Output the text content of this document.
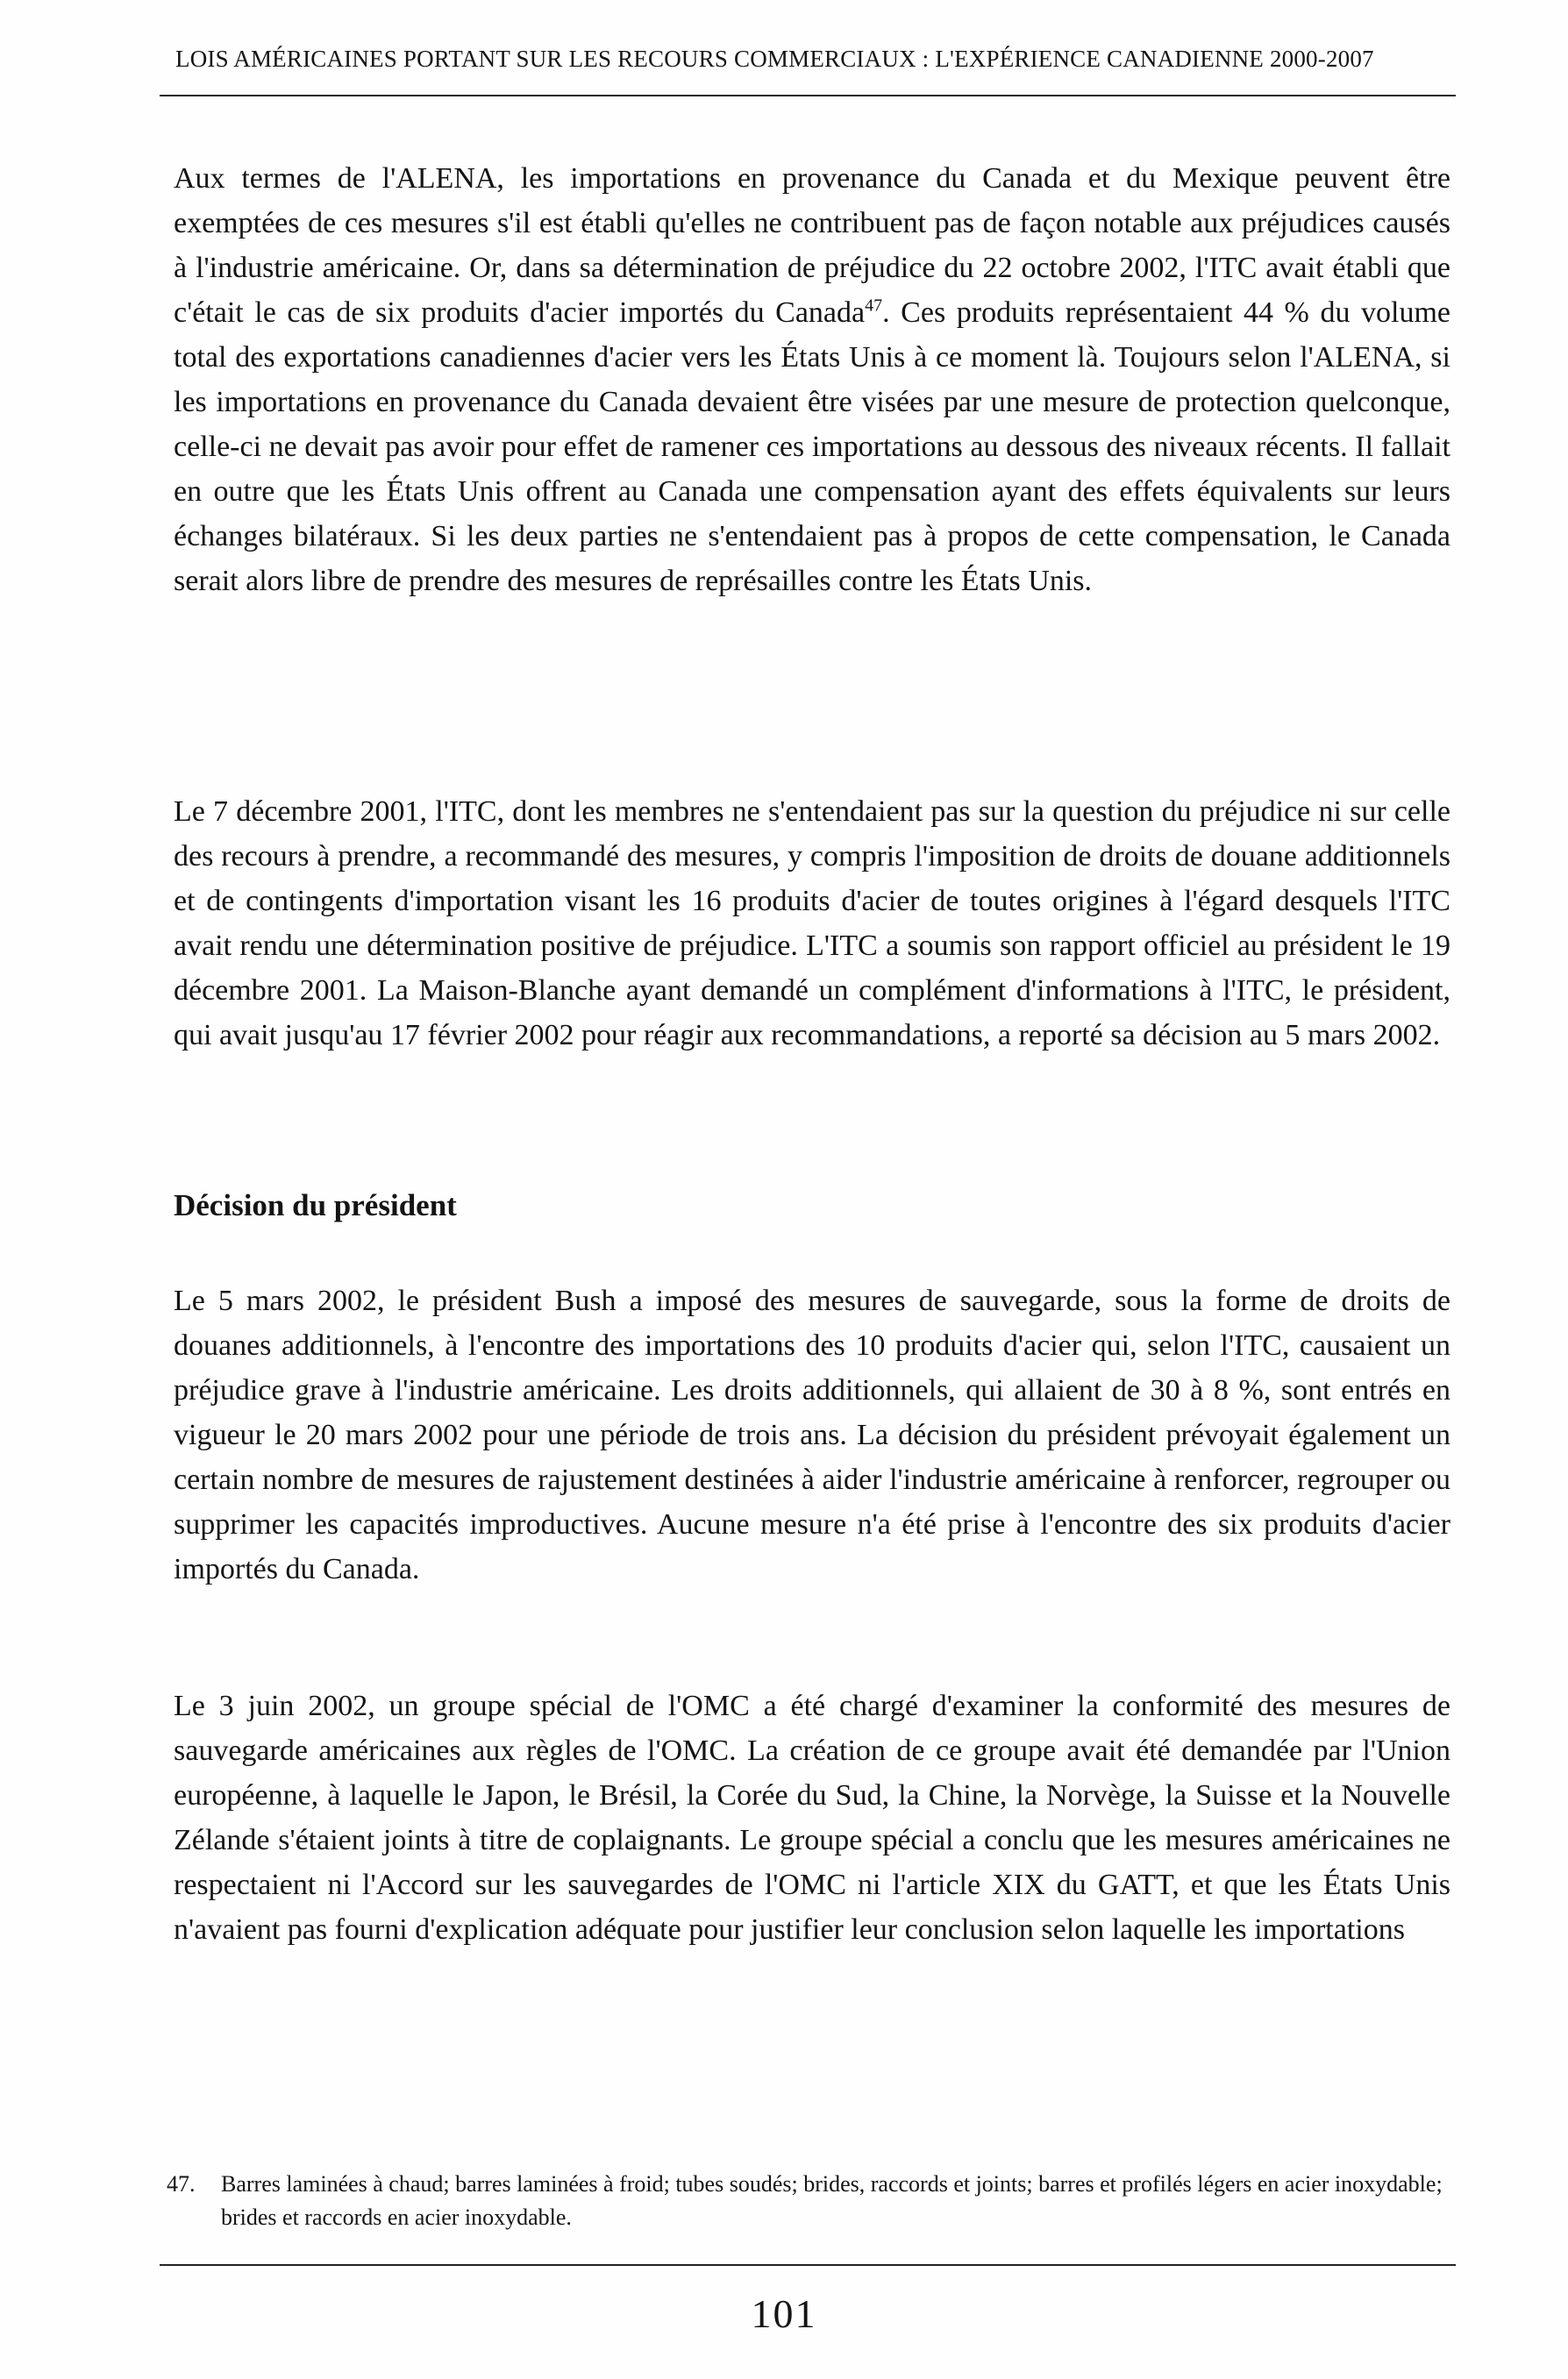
LOIS AMÉRICAINES PORTANT SUR LES RECOURS COMMERCIAUX : L'EXPÉRIENCE CANADIENNE 2000-2007

Aux termes de l'ALENA, les importations en provenance du Canada et du Mexique peuvent être exemptées de ces mesures s'il est établi qu'elles ne contribuent pas de façon notable aux préjudices causés à l'industrie américaine. Or, dans sa détermination de préjudice du 22 octobre 2002, l'ITC avait établi que c'était le cas de six produits d'acier importés du Canada$^{47}$. Ces produits représentaient 44 % du volume total des exportations canadiennes d'acier vers les États Unis à ce moment là. Toujours selon l'ALENA, si les importations en provenance du Canada devaient être visées par une mesure de protection quelconque, celle-ci ne devait pas avoir pour effet de ramener ces importations au dessous des niveaux récents. Il fallait en outre que les États Unis offrent au Canada une compensation ayant des effets équivalents sur leurs échanges bilatéraux. Si les deux parties ne s'entendaient pas à propos de cette compensation, le Canada serait alors libre de prendre des mesures de représailles contre les États Unis.

Le 7 décembre 2001, l'ITC, dont les membres ne s'entendaient pas sur la question du préjudice ni sur celle des recours à prendre, a recommandé des mesures, y compris l'imposition de droits de douane additionnels et de contingents d'importation visant les 16 produits d'acier de toutes origines à l'égard desquels l'ITC avait rendu une détermination positive de préjudice. L'ITC a soumis son rapport officiel au président le 19 décembre 2001. La Maison-Blanche ayant demandé un complément d'informations à l'ITC, le président, qui avait jusqu'au 17 février 2002 pour réagir aux recommandations, a reporté sa décision au 5 mars 2002.

Décision du président

Le 5 mars 2002, le président Bush a imposé des mesures de sauvegarde, sous la forme de droits de douanes additionnels, à l'encontre des importations des 10 produits d'acier qui, selon l'ITC, causaient un préjudice grave à l'industrie américaine. Les droits additionnels, qui allaient de 30 à 8 %, sont entrés en vigueur le 20 mars 2002 pour une période de trois ans. La décision du président prévoyait également un certain nombre de mesures de rajustement destinées à aider l'industrie américaine à renforcer, regrouper ou supprimer les capacités improductives. Aucune mesure n'a été prise à l'encontre des six produits d'acier importés du Canada.

Le 3 juin 2002, un groupe spécial de l'OMC a été chargé d'examiner la conformité des mesures de sauvegarde américaines aux règles de l'OMC. La création de ce groupe avait été demandée par l'Union européenne, à laquelle le Japon, le Brésil, la Corée du Sud, la Chine, la Norvège, la Suisse et la Nouvelle Zélande s'étaient joints à titre de coplaignants. Le groupe spécial a conclu que les mesures américaines ne respectaient ni l'Accord sur les sauvegardes de l'OMC ni l'article XIX du GATT, et que les États Unis n'avaient pas fourni d'explication adéquate pour justifier leur conclusion selon laquelle les importations

47.	Barres laminées à chaud; barres laminées à froid; tubes soudés; brides, raccords et joints; barres et profilés légers en acier inoxydable; brides et raccords en acier inoxydable.
101
